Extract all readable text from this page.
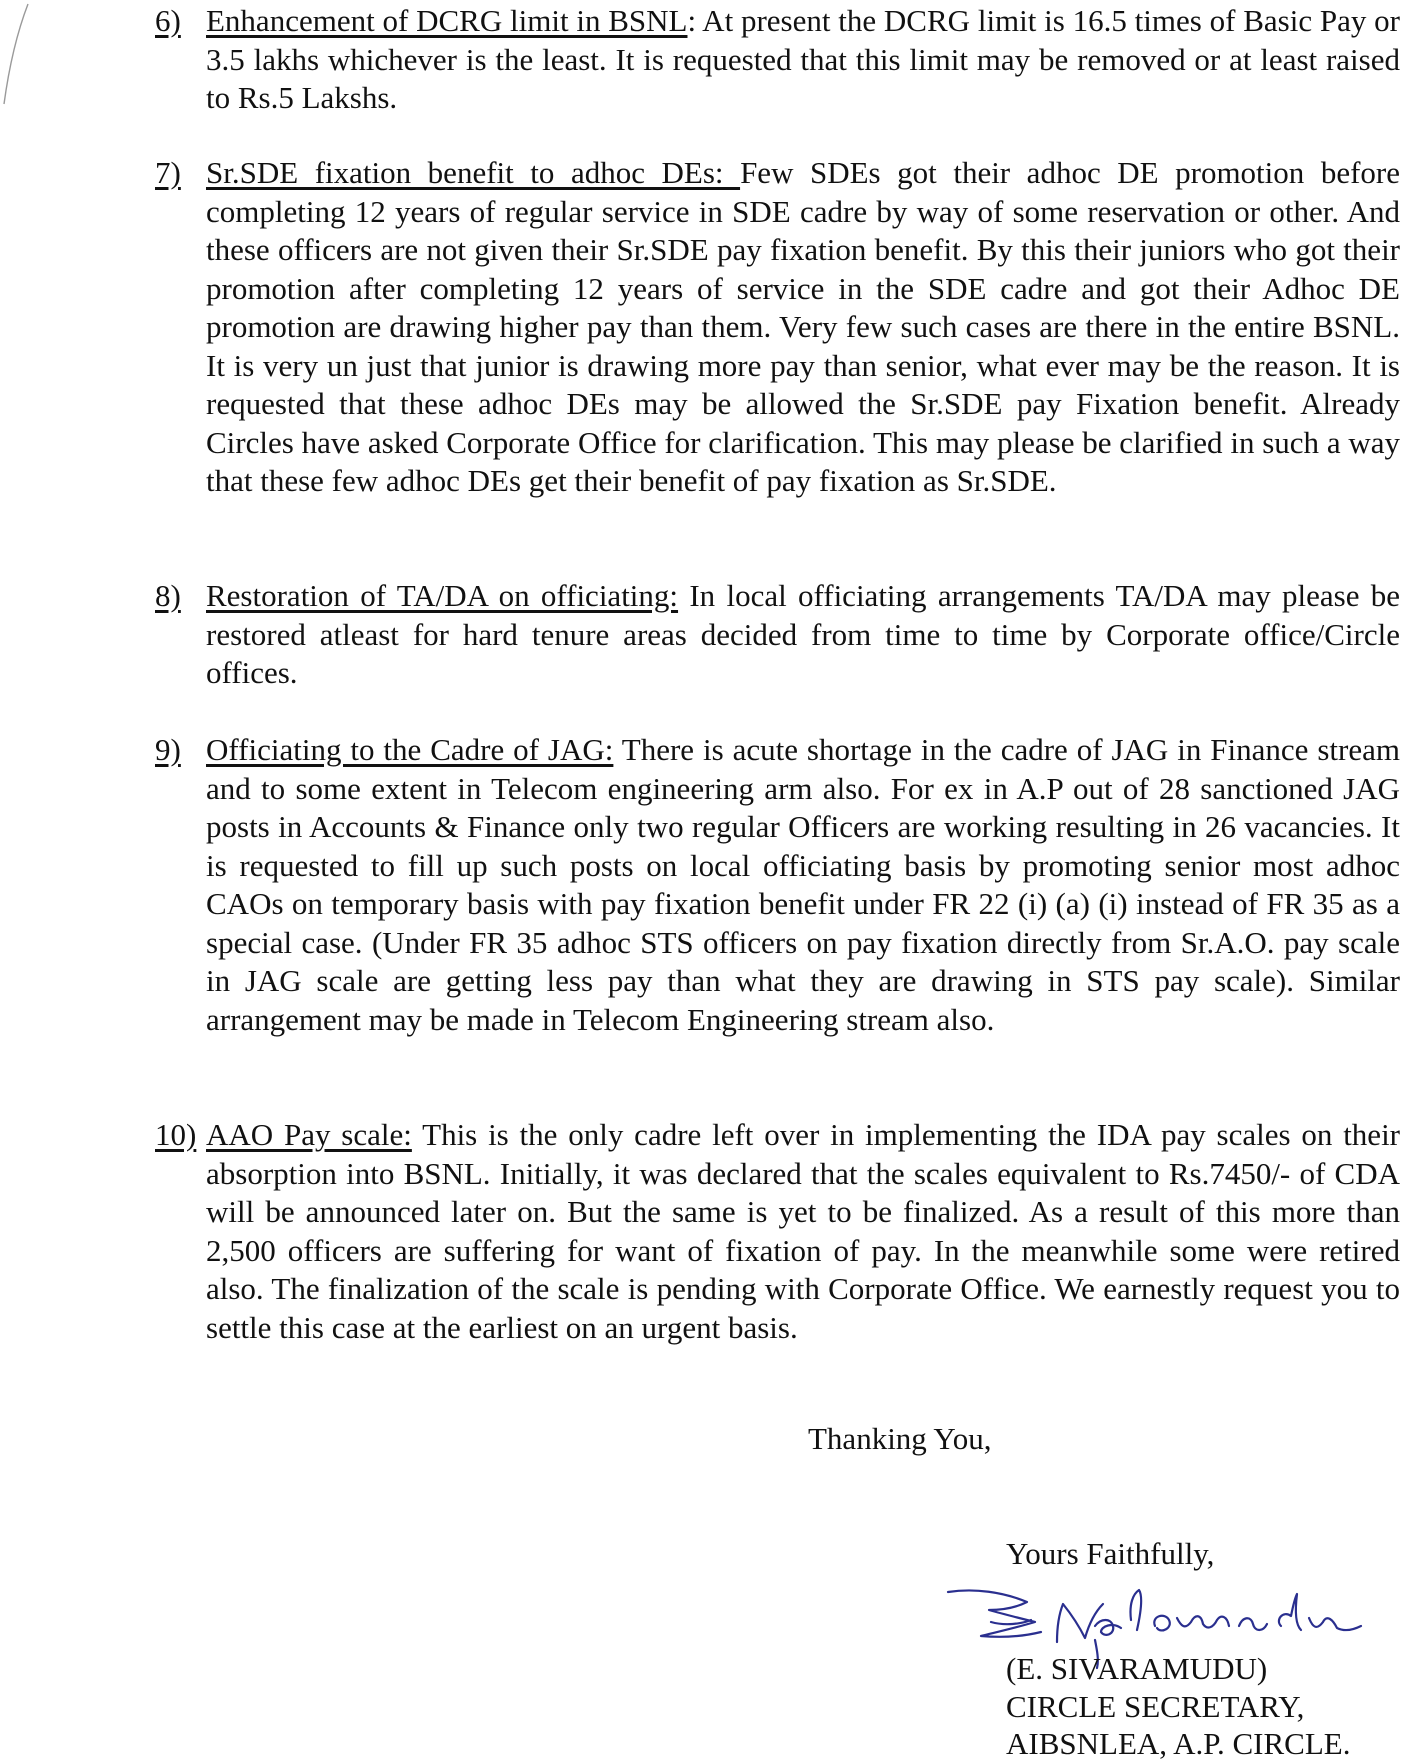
6) Enhancement of DCRG limit in BSNL: At present the DCRG limit is 16.5 times of Basic Pay or 3.5 lakhs whichever is the least. It is requested that this limit may be removed or at least raised to Rs.5 Lakshs.
7) Sr.SDE fixation benefit to adhoc DEs: Few SDEs got their adhoc DE promotion before completing 12 years of regular service in SDE cadre by way of some reservation or other. And these officers are not given their Sr.SDE pay fixation benefit. By this their juniors who got their promotion after completing 12 years of service in the SDE cadre and got their Adhoc DE promotion are drawing higher pay than them. Very few such cases are there in the entire BSNL. It is very un just that junior is drawing more pay than senior, what ever may be the reason. It is requested that these adhoc DEs may be allowed the Sr.SDE pay Fixation benefit. Already Circles have asked Corporate Office for clarification. This may please be clarified in such a way that these few adhoc DEs get their benefit of pay fixation as Sr.SDE.
8) Restoration of TA/DA on officiating: In local officiating arrangements TA/DA may please be restored atleast for hard tenure areas decided from time to time by Corporate office/Circle offices.
9) Officiating to the Cadre of JAG: There is acute shortage in the cadre of JAG in Finance stream and to some extent in Telecom engineering arm also. For ex in A.P out of 28 sanctioned JAG posts in Accounts & Finance only two regular Officers are working resulting in 26 vacancies. It is requested to fill up such posts on local officiating basis by promoting senior most adhoc CAOs on temporary basis with pay fixation benefit under FR 22 (i) (a) (i) instead of FR 35 as a special case. (Under FR 35 adhoc STS officers on pay fixation directly from Sr.A.O. pay scale in JAG scale are getting less pay than what they are drawing in STS pay scale). Similar arrangement may be made in Telecom Engineering stream also.
10) AAO Pay scale: This is the only cadre left over in implementing the IDA pay scales on their absorption into BSNL. Initially, it was declared that the scales equivalent to Rs.7450/- of CDA will be announced later on. But the same is yet to be finalized. As a result of this more than 2,500 officers are suffering for want of fixation of pay. In the meanwhile some were retired also. The finalization of the scale is pending with Corporate Office. We earnestly request you to settle this case at the earliest on an urgent basis.
Thanking You,
Yours Faithfully,
(E. SIVARAMUDU)
CIRCLE SECRETARY,
AIBSNLEA, A.P. CIRCLE.
